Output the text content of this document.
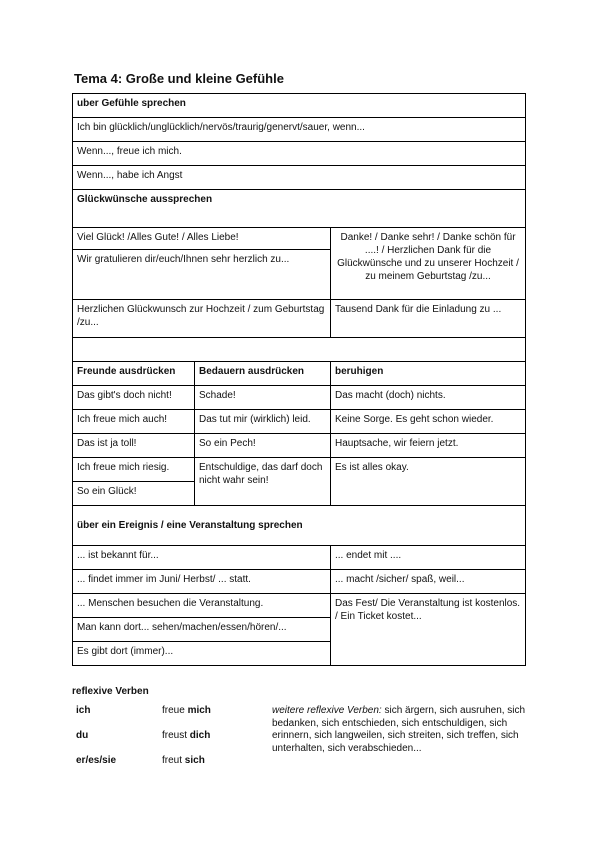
Tema 4: Große und kleine Gefühle
uber Gefühle sprechen		
Ich bin glücklich/unglücklich/nervös/traurig/genervt/sauer, wenn...		
Wenn..., freue ich mich.		
Wenn..., habe ich Angst		
Glückwünsche aussprechen		
Viel Glück! /Alles Gute! / Alles Liebe!		Danke! / Danke sehr! / Danke schön für ....! / Herzlichen Dank für die Glückwünsche und zu unserer Hochzeit / zu meinem Geburtstag /zu...
Wir gratulieren dir/euch/Ihnen sehr herzlich zu...		
Herzlichen Glückwunsch zur Hochzeit / zum Geburtstag /zu...		Tausend Dank für die Einladung zu ...

Freunde ausdrücken	Bedauern ausdrücken	beruhigen
Das gibt's doch nicht!	Schade!	Das macht (doch) nichts.
Ich freue mich auch!	Das tut mir (wirklich) leid.	Keine Sorge. Es geht schon wieder.
Das ist ja toll!	So ein Pech!	Hauptsache, wir feiern jetzt.
Ich freue mich riesig.	Entschuldige, das darf doch nicht wahr sein!	Es ist alles okay.
So ein Glück!		
über ein Ereignis / eine Veranstaltung sprechen		
... ist bekannt für...		... endet mit ....
... findet immer im Juni/ Herbst/ ... statt.		... macht /sicher/ spaß, weil...
... Menschen besuchen die Veranstaltung.		Das Fest/ Die Veranstaltung ist kostenlos. / Ein Ticket kostet...
Man kann dort... sehen/machen/essen/hören/...		
Es gibt dort (immer)...		

reflexive Verben

ich	freue mich
du	freust dich
er/es/sie	freut sich
weitere reflexive Verben: sich ärgern, sich ausruhen, sich bedanken, sich entschieden, sich entschuldigen, sich erinnern, sich langweilen, sich streiten, sich treffen, sich unterhalten, sich verabschieden...
